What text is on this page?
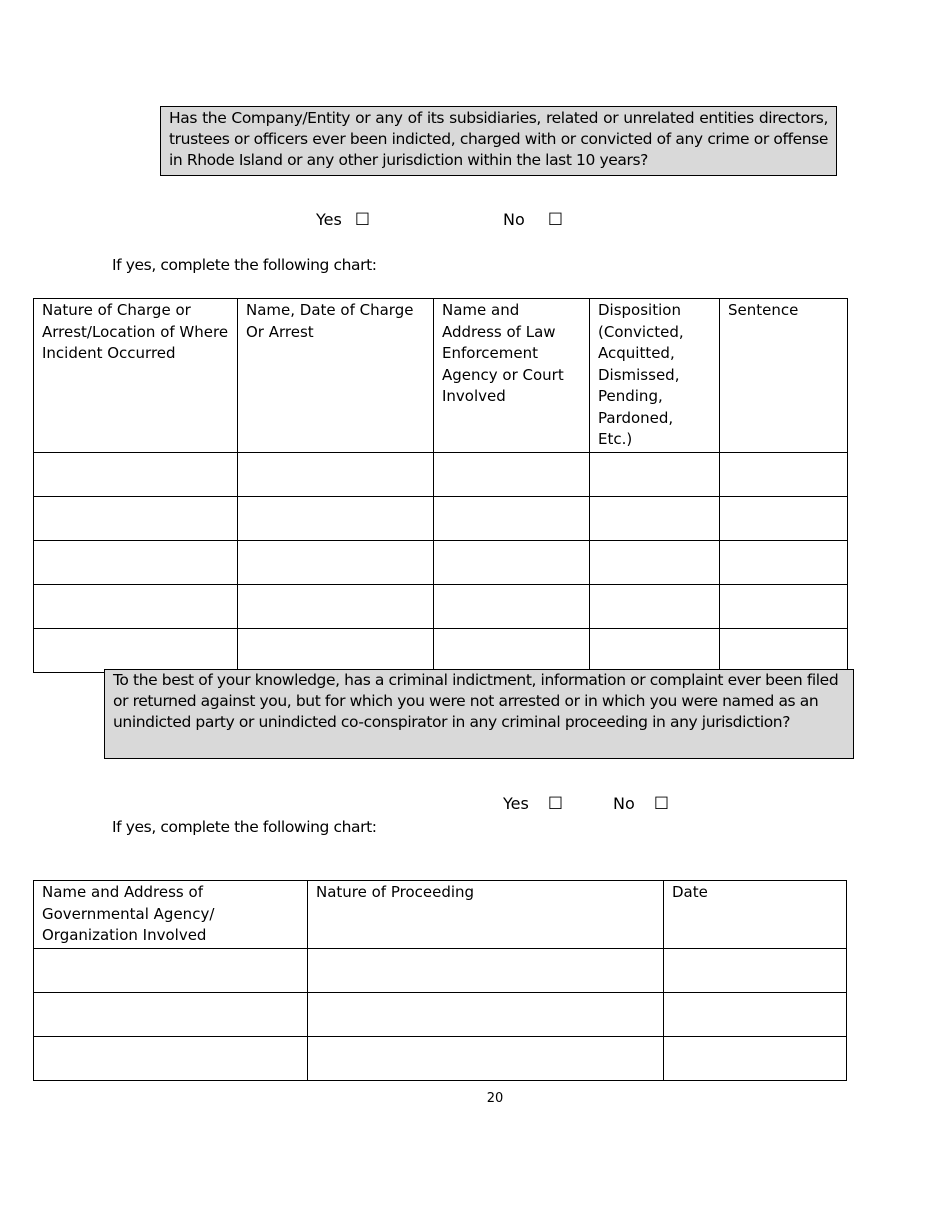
Has the Company/Entity or any of its subsidiaries, related or unrelated entities directors, trustees or officers ever been indicted, charged with or convicted of any crime or offense in Rhode Island or any other jurisdiction within the last 10 years?
Yes ☐	No ☐
If yes, complete the following chart:
Nature of Charge or Arrest/Location of Where Incident Occurred	Name, Date of Charge Or Arrest	Name and Address of Law Enforcement Agency or Court Involved	Disposition (Convicted, Acquitted, Dismissed, Pending, Pardoned, Etc.)	Sentence

To the best of your knowledge, has a criminal indictment, information or complaint ever been filed or returned against you, but for which you were not arrested or in which you were named as an unindicted party or unindicted co-conspirator in any criminal proceeding in any jurisdiction?
Yes ☐	No ☐
If yes, complete the following chart:
Name and Address of Governmental Agency/ Organization Involved	Nature of Proceeding	Date

20
